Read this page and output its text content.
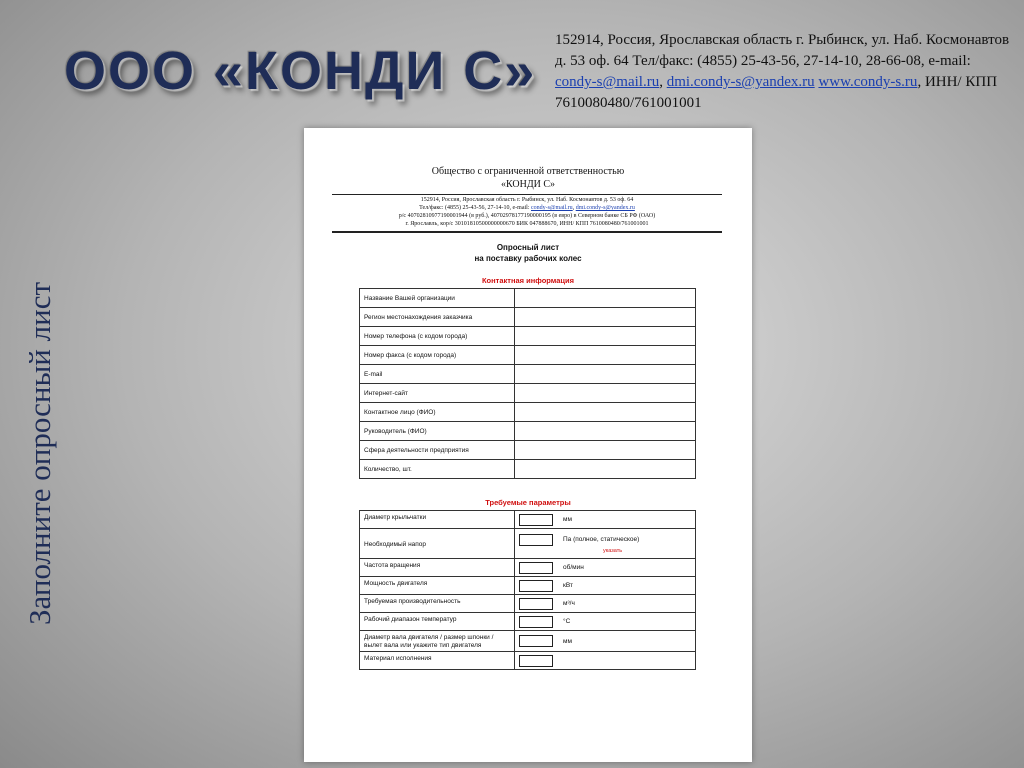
ООО «КОНДИ С»
152914, Россия, Ярославская область г. Рыбинск, ул. Наб. Космонавтов д. 53 оф. 64 Тел/факс: (4855) 25-43-56, 27-14-10, 28-66-08, e-mail: condy-s@mail.ru, dmi.condy-s@yandex.ru www.condy-s.ru, ИНН/ КПП 7610080480/761001001
Заполните опросный лист
Общество с ограниченной ответственностью
«КОНДИ С»
152914, Россия, Ярославская область г. Рыбинск, ул. Наб. Космонавтов д. 53 оф. 64
Тел/факс: (4855) 25-43-56, 27-14-10, e-mail: condy-s@mail.ru, dmi.condy-s@yandex.ru
р/с 40702810977190001944 (в руб.), 40702978177190000195 (в евро) в Северном банке СБ РФ (ОАО)
г. Ярославль, кор/с 30101810500000000670 БИК 047888670, ИНН/ КПП 7610080480/761001001
Опросный лист
на поставку рабочих колес
Контактная информация
Название Вашей организации	
Регион местонахождения заказчика	
Номер телефона (с кодом города)	
Номер факса (с кодом города)	
E-mail	
Интернет-сайт	
Контактное лицо (ФИО)	
Руководитель (ФИО)	
Сфера деятельности предприятия	
Количество, шт.	
Требуемые параметры
Диаметр крыльчатки	мм
Необходимый напор	Па (полное, статическое)
указать

Частота вращения	об/мин
Мощность двигателя	кВт
Требуемая производительность	м³/ч
Рабочий диапазон температур	°С
Диаметр вала двигателя / размер шпонки / вылет вала или укажите тип двигателя	мм
Материал исполнения	
